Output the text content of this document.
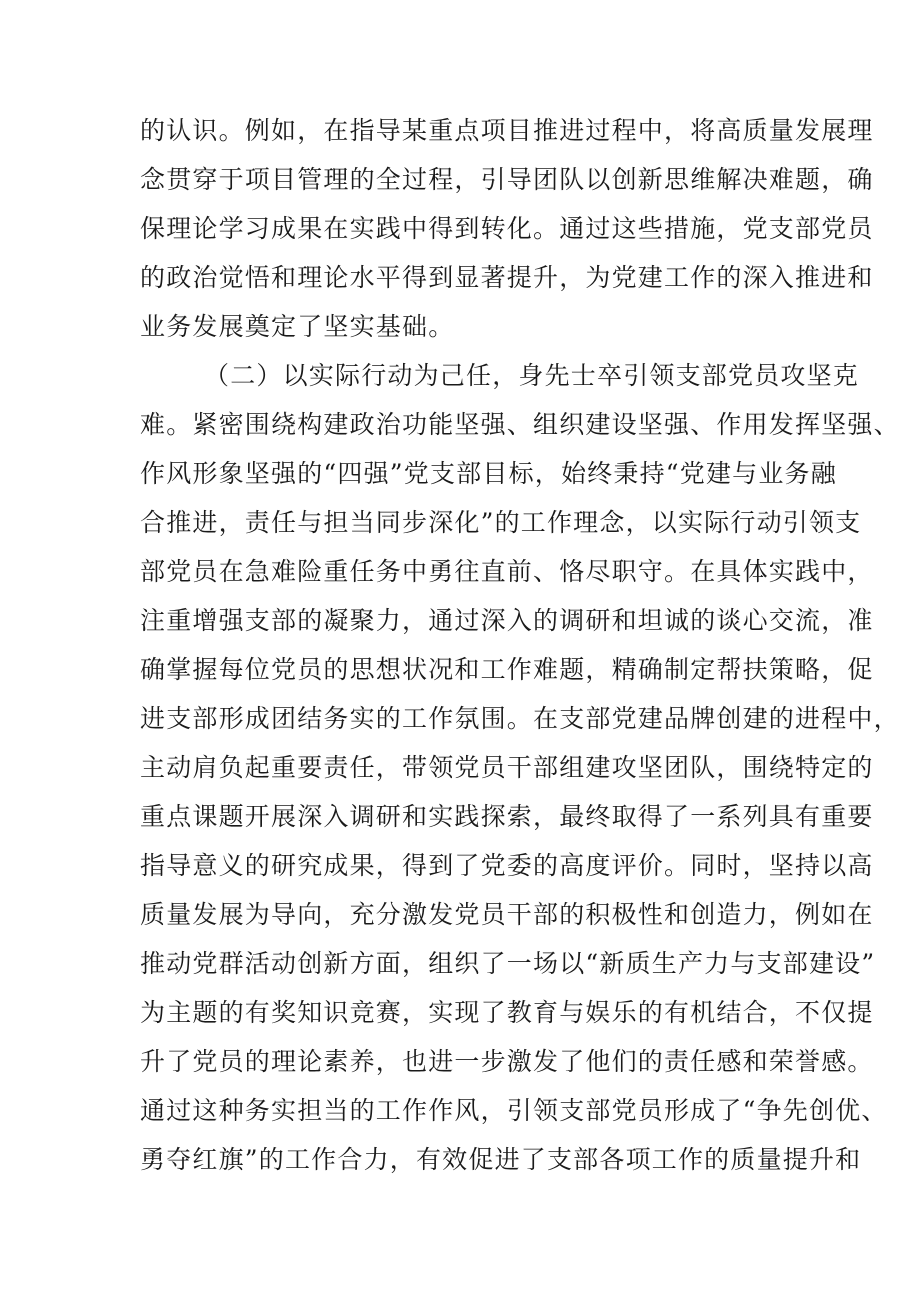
的认识。例如，在指导某重点项目推进过程中，将高质量发展理
念贯穿于项目管理的全过程，引导团队以创新思维解决难题，确
保理论学习成果在实践中得到转化。通过这些措施，党支部党员
的政治觉悟和理论水平得到显著提升，为党建工作的深入推进和
业务发展奠定了坚实基础。
（二）以实际行动为己任，身先士卒引领支部党员攻坚克
难。紧密围绕构建政治功能坚强、组织建设坚强、作用发挥坚强、
作风形象坚强的“四强”党支部目标，始终秉持“党建与业务融
合推进，责任与担当同步深化”的工作理念，以实际行动引领支
部党员在急难险重任务中勇往直前、恪尽职守。在具体实践中，
注重增强支部的凝聚力，通过深入的调研和坦诚的谈心交流，准
确掌握每位党员的思想状况和工作难题，精确制定帮扶策略，促
进支部形成团结务实的工作氛围。在支部党建品牌创建的进程中，
主动肩负起重要责任，带领党员干部组建攻坚团队，围绕特定的
重点课题开展深入调研和实践探索，最终取得了一系列具有重要
指导意义的研究成果，得到了党委的高度评价。同时，坚持以高
质量发展为导向，充分激发党员干部的积极性和创造力，例如在
推动党群活动创新方面，组织了一场以“新质生产力与支部建设”
为主题的有奖知识竞赛，实现了教育与娱乐的有机结合，不仅提
升了党员的理论素养，也进一步激发了他们的责任感和荣誉感。
通过这种务实担当的工作作风，引领支部党员形成了“争先创优、
勇夺红旗”的工作合力，有效促进了支部各项工作的质量提升和
